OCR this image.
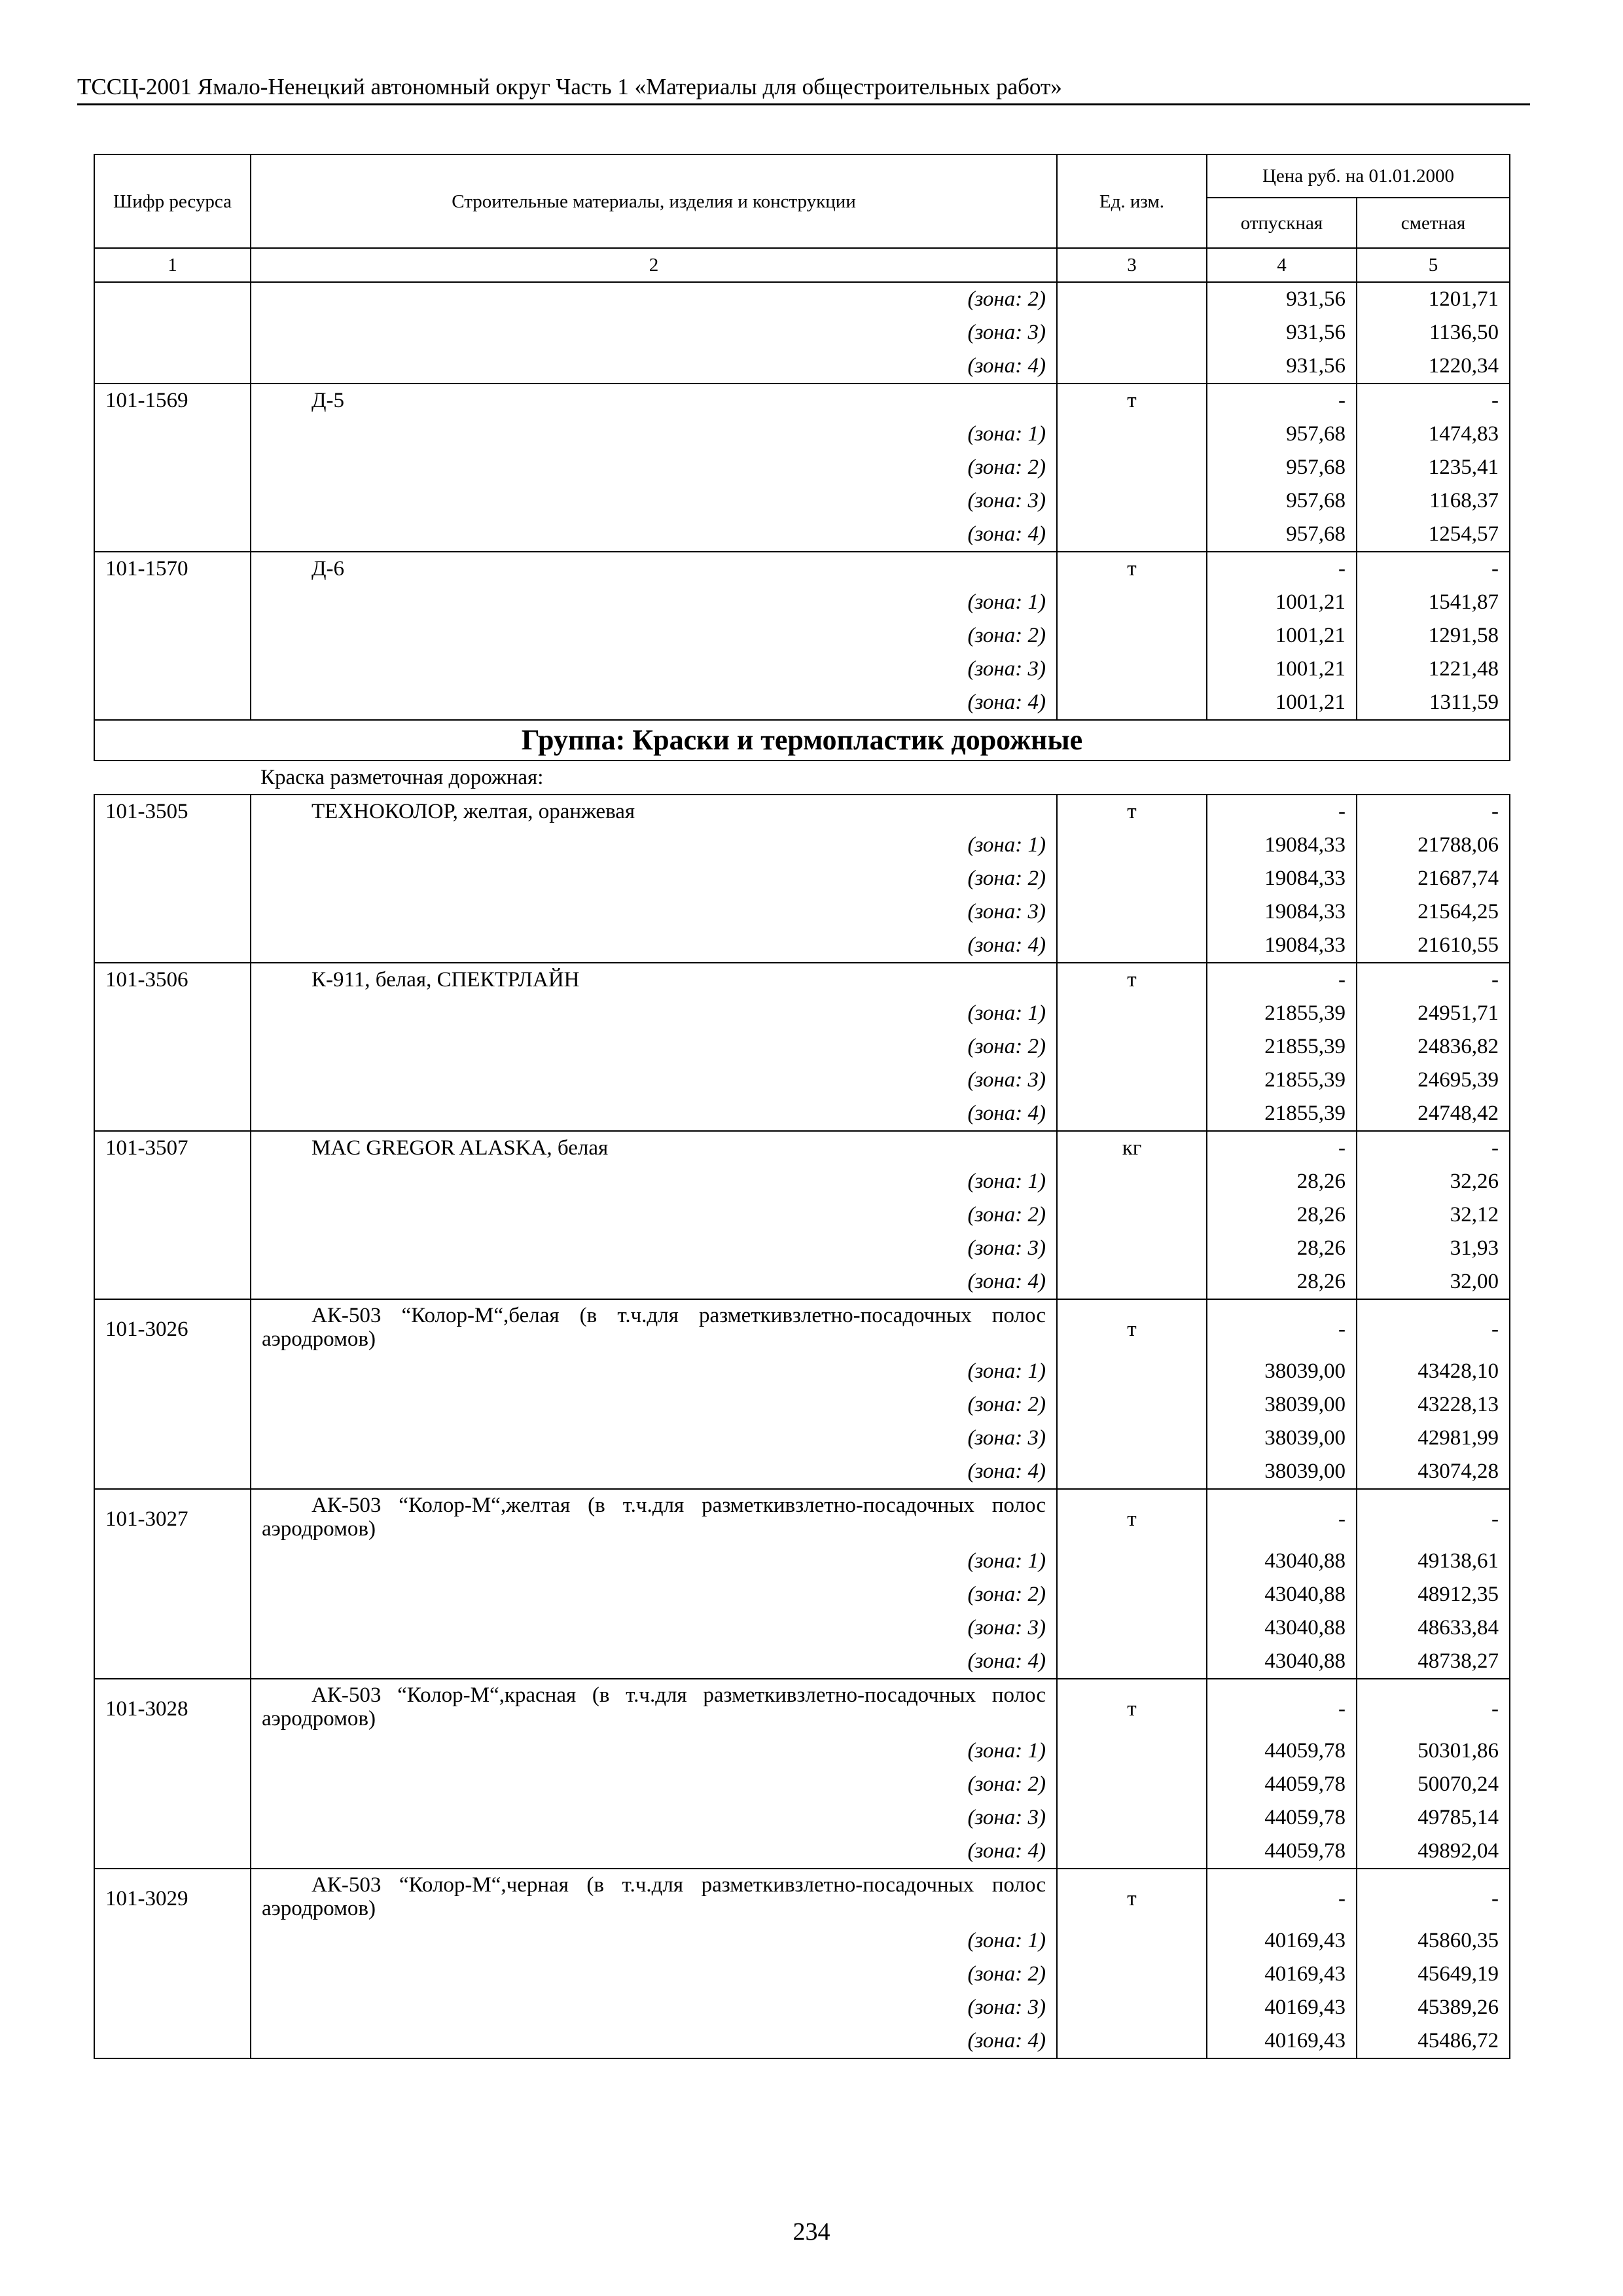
ТССЦ-2001 Ямало-Ненецкий автономный округ Часть 1 «Материалы для общестроительных работ»
Шифр ресурса	Строительные материалы, изделия и конструкции	Ед. изм.	Цена руб. на 01.01.2000	
			отпускная	сметная
1	2	3	4	5
	(зона: 2)		931,56	1201,71
	(зона: 3)		931,56	1136,50
	(зона: 4)		931,56	1220,34
101-1569	Д-5	т	-	-
	(зона: 1)		957,68	1474,83
	(зона: 2)		957,68	1235,41
	(зона: 3)		957,68	1168,37
	(зона: 4)		957,68	1254,57
101-1570	Д-6	т	-	-
	(зона: 1)		1001,21	1541,87
	(зона: 2)		1001,21	1291,58
	(зона: 3)		1001,21	1221,48
	(зона: 4)		1001,21	1311,59
Группа: Краски и термопластик дорожные				
Краска разметочная дорожная:				
101-3505	ТЕХНОКОЛОР, желтая, оранжевая	т	-	-
	(зона: 1)		19084,33	21788,06
	(зона: 2)		19084,33	21687,74
	(зона: 3)		19084,33	21564,25
	(зона: 4)		19084,33	21610,55
101-3506	К-911, белая, СПЕКТРЛАЙН	т	-	-
	(зона: 1)		21855,39	24951,71
	(зона: 2)		21855,39	24836,82
	(зона: 3)		21855,39	24695,39
	(зона: 4)		21855,39	24748,42
101-3507	MAC GREGOR ALASKA, белая	кг	-	-
	(зона: 1)		28,26	32,26
	(зона: 2)		28,26	32,12
	(зона: 3)		28,26	31,93
	(зона: 4)		28,26	32,00
101-3026	АК-503 “Колор-М“,белая (в т.ч.для разметкивзлетно-посадочных полос аэродромов)	т	-	-
	(зона: 1)		38039,00	43428,10
	(зона: 2)		38039,00	43228,13
	(зона: 3)		38039,00	42981,99
	(зона: 4)		38039,00	43074,28
101-3027	АК-503 “Колор-М“,желтая (в т.ч.для разметкивзлетно-посадочных полос аэродромов)	т	-	-
	(зона: 1)		43040,88	49138,61
	(зона: 2)		43040,88	48912,35
	(зона: 3)		43040,88	48633,84
	(зона: 4)		43040,88	48738,27
101-3028	АК-503 “Колор-М“,красная (в т.ч.для разметкивзлетно-посадочных полос аэродромов)	т	-	-
	(зона: 1)		44059,78	50301,86
	(зона: 2)		44059,78	50070,24
	(зона: 3)		44059,78	49785,14
	(зона: 4)		44059,78	49892,04
101-3029	АК-503 “Колор-М“,черная (в т.ч.для разметкивзлетно-посадочных полос аэродромов)	т	-	-
	(зона: 1)		40169,43	45860,35
	(зона: 2)		40169,43	45649,19
	(зона: 3)		40169,43	45389,26
	(зона: 4)		40169,43	45486,72
234
